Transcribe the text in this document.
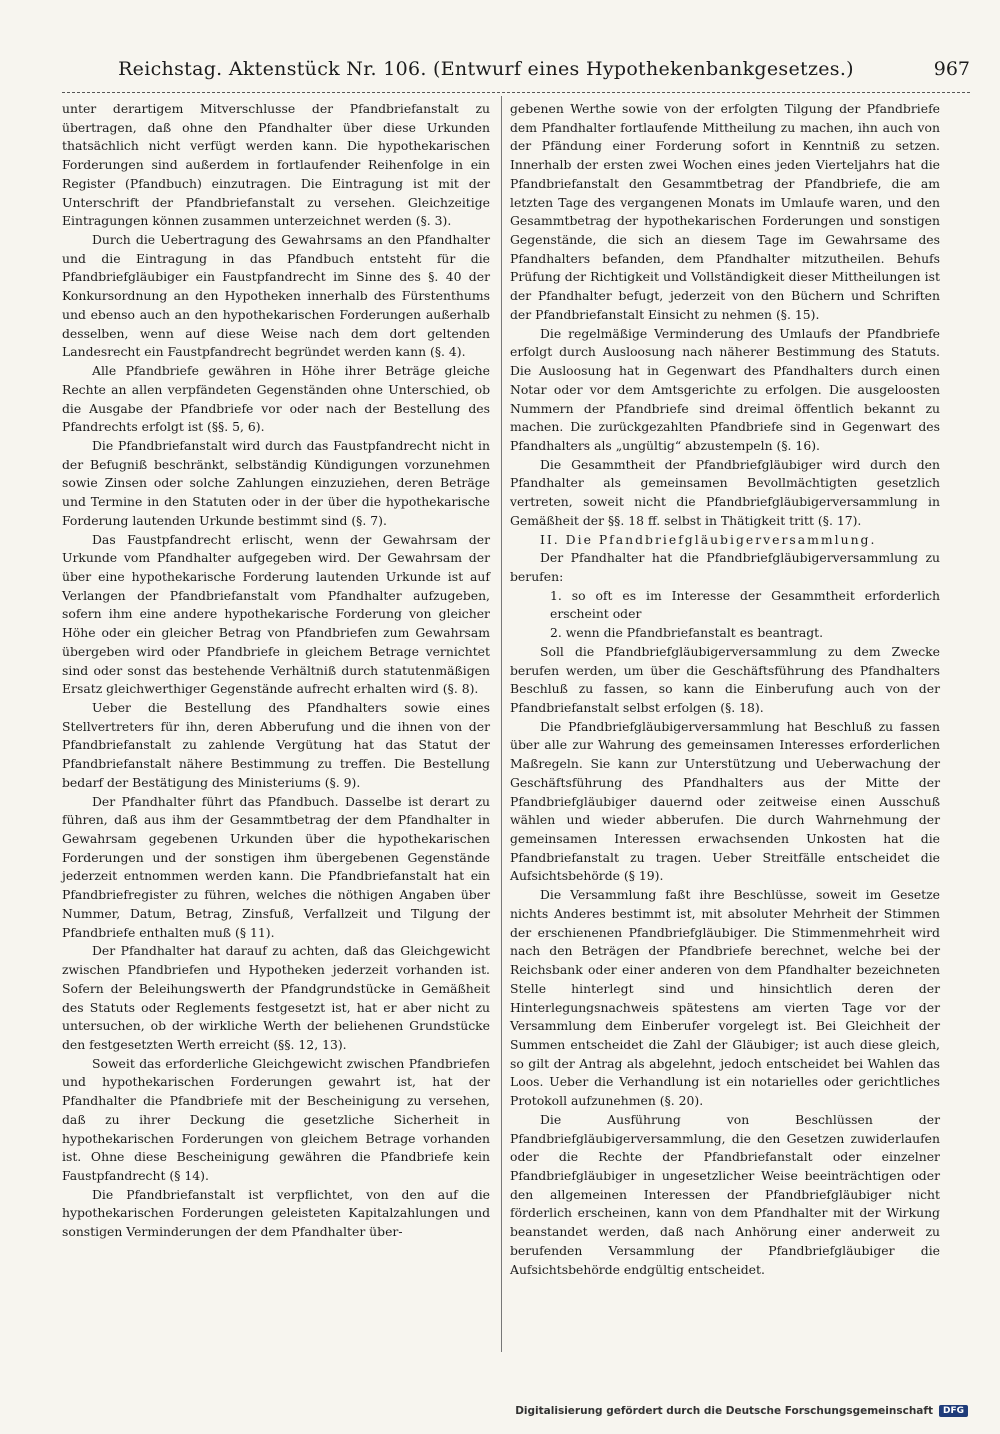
Reichstag. Aktenstück Nr. 106. (Entwurf eines Hypothekenbankgesetzes.)	967

unter derartigem Mitverschlusse der Pfandbriefanstalt zu übertragen, daß ohne den Pfandhalter über diese Urkunden thatsächlich nicht verfügt werden kann. Die hypothekarischen Forderungen sind außerdem in fortlaufender Reihenfolge in ein Register (Pfandbuch) einzutragen. Die Eintragung ist mit der Unterschrift der Pfandbriefanstalt zu versehen. Gleichzeitige Eintragungen können zusammen unterzeichnet werden (§. 3).

Durch die Uebertragung des Gewahrsams an den Pfandhalter und die Eintragung in das Pfandbuch entsteht für die Pfandbriefgläubiger ein Faustpfandrecht im Sinne des §. 40 der Konkursordnung an den Hypotheken innerhalb des Fürstenthums und ebenso auch an den hypothekarischen Forderungen außerhalb desselben, wenn auf diese Weise nach dem dort geltenden Landesrecht ein Faustpfandrecht begründet werden kann (§. 4).

Alle Pfandbriefe gewähren in Höhe ihrer Beträge gleiche Rechte an allen verpfändeten Gegenständen ohne Unterschied, ob die Ausgabe der Pfandbriefe vor oder nach der Bestellung des Pfandrechts erfolgt ist (§§. 5, 6).

Die Pfandbriefanstalt wird durch das Faustpfandrecht nicht in der Befugniß beschränkt, selbständig Kündigungen vorzunehmen sowie Zinsen oder solche Zahlungen einzuziehen, deren Beträge und Termine in den Statuten oder in der über die hypothekarische Forderung lautenden Urkunde bestimmt sind (§. 7).

Das Faustpfandrecht erlischt, wenn der Gewahrsam der Urkunde vom Pfandhalter aufgegeben wird. Der Gewahrsam der über eine hypothekarische Forderung lautenden Urkunde ist auf Verlangen der Pfandbriefanstalt vom Pfandhalter aufzugeben, sofern ihm eine andere hypothekarische Forderung von gleicher Höhe oder ein gleicher Betrag von Pfandbriefen zum Gewahrsam übergeben wird oder Pfandbriefe in gleichem Betrage vernichtet sind oder sonst das bestehende Verhältniß durch statutenmäßigen Ersatz gleichwerthiger Gegenstände aufrecht erhalten wird (§. 8).

Ueber die Bestellung des Pfandhalters sowie eines Stellvertreters für ihn, deren Abberufung und die ihnen von der Pfandbriefanstalt zu zahlende Vergütung hat das Statut der Pfandbriefanstalt nähere Bestimmung zu treffen. Die Bestellung bedarf der Bestätigung des Ministeriums (§. 9).

Der Pfandhalter führt das Pfandbuch. Dasselbe ist derart zu führen, daß aus ihm der Gesammtbetrag der dem Pfandhalter in Gewahrsam gegebenen Urkunden über die hypothekarischen Forderungen und der sonstigen ihm übergebenen Gegenstände jederzeit entnommen werden kann. Die Pfandbriefanstalt hat ein Pfandbriefregister zu führen, welches die nöthigen Angaben über Nummer, Datum, Betrag, Zinsfuß, Verfallzeit und Tilgung der Pfandbriefe enthalten muß (§ 11).

Der Pfandhalter hat darauf zu achten, daß das Gleichgewicht zwischen Pfandbriefen und Hypotheken jederzeit vorhanden ist. Sofern der Beleihungswerth der Pfandgrundstücke in Gemäßheit des Statuts oder Reglements festgesetzt ist, hat er aber nicht zu untersuchen, ob der wirkliche Werth der beliehenen Grundstücke den festgesetzten Werth erreicht (§§. 12, 13).

Soweit das erforderliche Gleichgewicht zwischen Pfandbriefen und hypothekarischen Forderungen gewahrt ist, hat der Pfandhalter die Pfandbriefe mit der Bescheinigung zu versehen, daß zu ihrer Deckung die gesetzliche Sicherheit in hypothekarischen Forderungen von gleichem Betrage vorhanden ist. Ohne diese Bescheinigung gewähren die Pfandbriefe kein Faustpfandrecht (§ 14).

Die Pfandbriefanstalt ist verpflichtet, von den auf die hypothekarischen Forderungen geleisteten Kapitalzahlungen und sonstigen Verminderungen der dem Pfandhalter über-

gebenen Werthe sowie von der erfolgten Tilgung der Pfandbriefe dem Pfandhalter fortlaufende Mittheilung zu machen, ihn auch von der Pfändung einer Forderung sofort in Kenntniß zu setzen. Innerhalb der ersten zwei Wochen eines jeden Vierteljahrs hat die Pfandbriefanstalt den Gesammtbetrag der Pfandbriefe, die am letzten Tage des vergangenen Monats im Umlaufe waren, und den Gesammtbetrag der hypothekarischen Forderungen und sonstigen Gegenstände, die sich an diesem Tage im Gewahrsame des Pfandhalters befanden, dem Pfandhalter mitzutheilen. Behufs Prüfung der Richtigkeit und Vollständigkeit dieser Mittheilungen ist der Pfandhalter befugt, jederzeit von den Büchern und Schriften der Pfandbriefanstalt Einsicht zu nehmen (§. 15).

Die regelmäßige Verminderung des Umlaufs der Pfandbriefe erfolgt durch Ausloosung nach näherer Bestimmung des Statuts. Die Ausloosung hat in Gegenwart des Pfandhalters durch einen Notar oder vor dem Amtsgerichte zu erfolgen. Die ausgeloosten Nummern der Pfandbriefe sind dreimal öffentlich bekannt zu machen. Die zurückgezahlten Pfandbriefe sind in Gegenwart des Pfandhalters als „ungültig“ abzustempeln (§. 16).

Die Gesammtheit der Pfandbriefgläubiger wird durch den Pfandhalter als gemeinsamen Bevollmächtigten gesetzlich vertreten, soweit nicht die Pfandbriefgläubigerversammlung in Gemäßheit der §§. 18 ff. selbst in Thätigkeit tritt (§. 17).

II. Die Pfandbriefgläubigerversammlung.

Der Pfandhalter hat die Pfandbriefgläubigerversammlung zu berufen:

1. so oft es im Interesse der Gesammtheit erforderlich erscheint oder
2. wenn die Pfandbriefanstalt es beantragt.

Soll die Pfandbriefgläubigerversammlung zu dem Zwecke berufen werden, um über die Geschäftsführung des Pfandhalters Beschluß zu fassen, so kann die Einberufung auch von der Pfandbriefanstalt selbst erfolgen (§. 18).

Die Pfandbriefgläubigerversammlung hat Beschluß zu fassen über alle zur Wahrung des gemeinsamen Interesses erforderlichen Maßregeln. Sie kann zur Unterstützung und Ueberwachung der Geschäftsführung des Pfandhalters aus der Mitte der Pfandbriefgläubiger dauernd oder zeitweise einen Ausschuß wählen und wieder abberufen. Die durch Wahrnehmung der gemeinsamen Interessen erwachsenden Unkosten hat die Pfandbriefanstalt zu tragen. Ueber Streitfälle entscheidet die Aufsichtsbehörde (§ 19).

Die Versammlung faßt ihre Beschlüsse, soweit im Gesetze nichts Anderes bestimmt ist, mit absoluter Mehrheit der Stimmen der erschienenen Pfandbriefgläubiger. Die Stimmenmehrheit wird nach den Beträgen der Pfandbriefe berechnet, welche bei der Reichsbank oder einer anderen von dem Pfandhalter bezeichneten Stelle hinterlegt sind und hinsichtlich deren der Hinterlegungsnachweis spätestens am vierten Tage vor der Versammlung dem Einberufer vorgelegt ist. Bei Gleichheit der Summen entscheidet die Zahl der Gläubiger; ist auch diese gleich, so gilt der Antrag als abgelehnt, jedoch entscheidet bei Wahlen das Loos. Ueber die Verhandlung ist ein notarielles oder gerichtliches Protokoll aufzunehmen (§. 20).

Die Ausführung von Beschlüssen der Pfandbriefgläubigerversammlung, die den Gesetzen zuwiderlaufen oder die Rechte der Pfandbriefanstalt oder einzelner Pfandbriefgläubiger in ungesetzlicher Weise beeinträchtigen oder den allgemeinen Interessen der Pfandbriefgläubiger nicht förderlich erscheinen, kann von dem Pfandhalter mit der Wirkung beanstandet werden, daß nach Anhörung einer anderweit zu berufenden Versammlung der Pfandbriefgläubiger die Aufsichtsbehörde endgültig entscheidet.

Digitalisierung gefördert durch die Deutsche Forschungsgemeinschaft	DFG
